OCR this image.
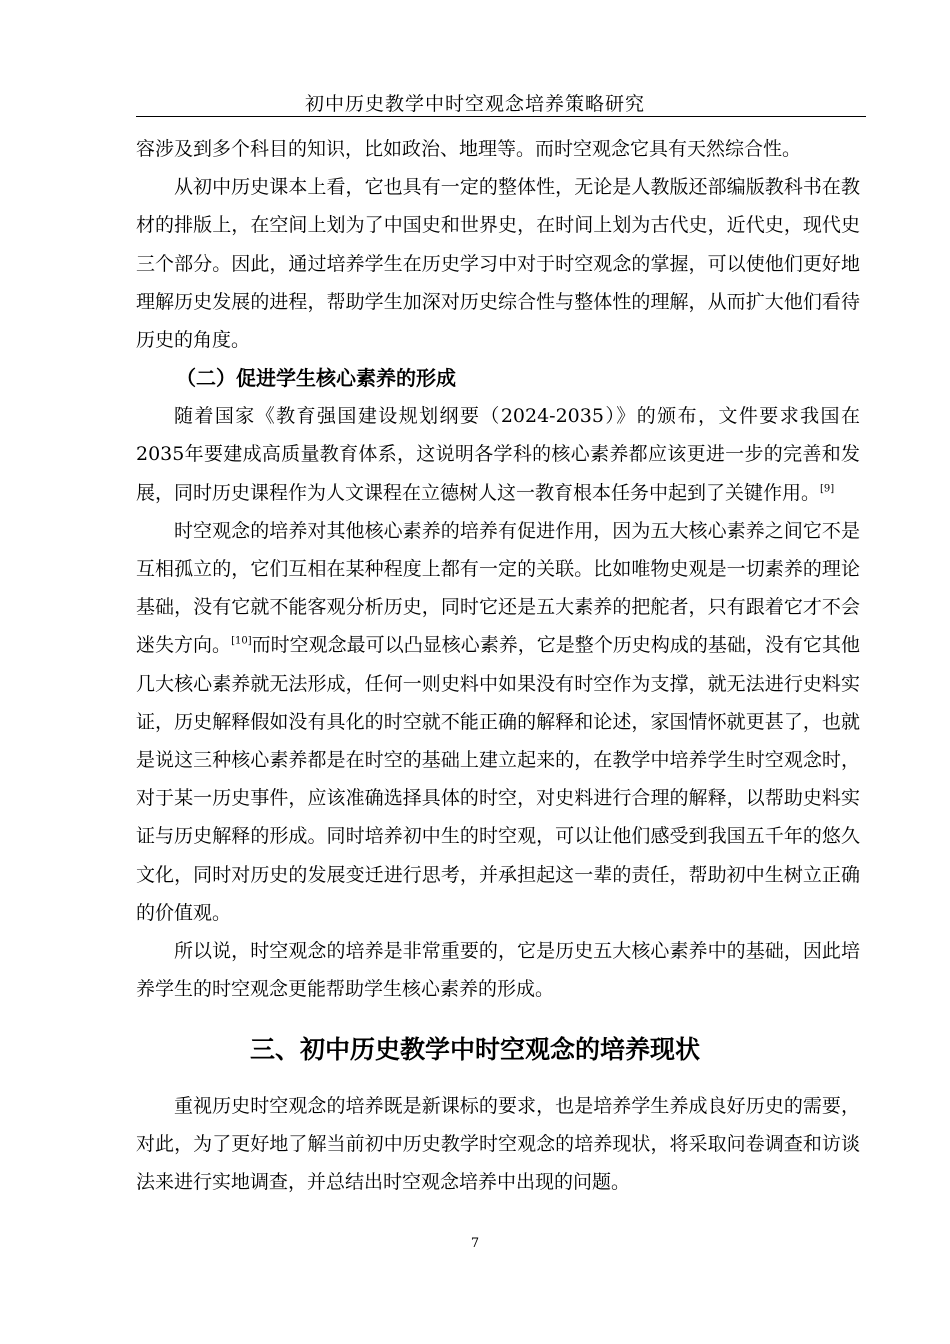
初中历史教学中时空观念培养策略研究

容涉及到多个科目的知识，比如政治、地理等。而时空观念它具有天然综合性。

从初中历史课本上看，它也具有一定的整体性，无论是人教版还部编版教科书在教材的排版上，在空间上划为了中国史和世界史，在时间上划为古代史，近代史，现代史三个部分。因此，通过培养学生在历史学习中对于时空观念的掌握，可以使他们更好地理解历史发展的进程，帮助学生加深对历史综合性与整体性的理解，从而扩大他们看待历史的角度。

（二）促进学生核心素养的形成

随着国家《教育强国建设规划纲要（2024-2035）》的颁布，文件要求我国在2035年要建成高质量教育体系，这说明各学科的核心素养都应该更进一步的完善和发展，同时历史课程作为人文课程在立德树人这一教育根本任务中起到了关键作用。[9]

时空观念的培养对其他核心素养的培养有促进作用，因为五大核心素养之间它不是互相孤立的，它们互相在某种程度上都有一定的关联。比如唯物史观是一切素养的理论基础，没有它就不能客观分析历史，同时它还是五大素养的把舵者，只有跟着它才不会迷失方向。[10]而时空观念最可以凸显核心素养，它是整个历史构成的基础，没有它其他几大核心素养就无法形成，任何一则史料中如果没有时空作为支撑，就无法进行史料实证，历史解释假如没有具化的时空就不能正确的解释和论述，家国情怀就更甚了，也就是说这三种核心素养都是在时空的基础上建立起来的，在教学中培养学生时空观念时，对于某一历史事件，应该准确选择具体的时空，对史料进行合理的解释，以帮助史料实证与历史解释的形成。同时培养初中生的时空观，可以让他们感受到我国五千年的悠久文化，同时对历史的发展变迁进行思考，并承担起这一辈的责任，帮助初中生树立正确的价值观。

所以说，时空观念的培养是非常重要的，它是历史五大核心素养中的基础，因此培养学生的时空观念更能帮助学生核心素养的形成。

三、初中历史教学中时空观念的培养现状

重视历史时空观念的培养既是新课标的要求，也是培养学生养成良好历史的需要，对此，为了更好地了解当前初中历史教学时空观念的培养现状，将采取问卷调查和访谈法来进行实地调查，并总结出时空观念培养中出现的问题。

7
